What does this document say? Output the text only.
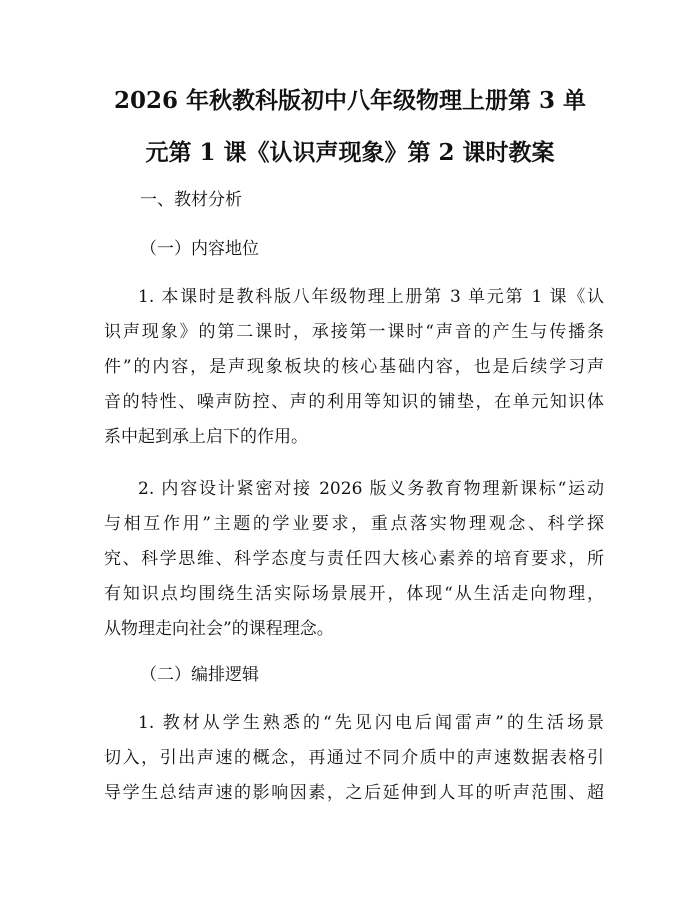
2026 年秋教科版初中八年级物理上册第 3 单
元第 1 课《认识声现象》第 2 课时教案

一、教材分析

（一）内容地位

1. 本课时是教科版八年级物理上册第 3 单元第 1 课《认

识声现象》的第二课时，承接第一课时“声音的产生与传播条

件”的内容，是声现象板块的核心基础内容，也是后续学习声

音的特性、噪声防控、声的利用等知识的铺垫，在单元知识体

系中起到承上启下的作用。

2. 内容设计紧密对接 2026 版义务教育物理新课标“运动

与相互作用”主题的学业要求，重点落实物理观念、科学探

究、科学思维、科学态度与责任四大核心素养的培育要求，所

有知识点均围绕生活实际场景展开，体现“从生活走向物理，

从物理走向社会”的课程理念。

（二）编排逻辑

1. 教材从学生熟悉的“先见闪电后闻雷声”的生活场景

切入，引出声速的概念，再通过不同介质中的声速数据表格引

导学生总结声速的影响因素，之后延伸到人耳的听声范围、超
